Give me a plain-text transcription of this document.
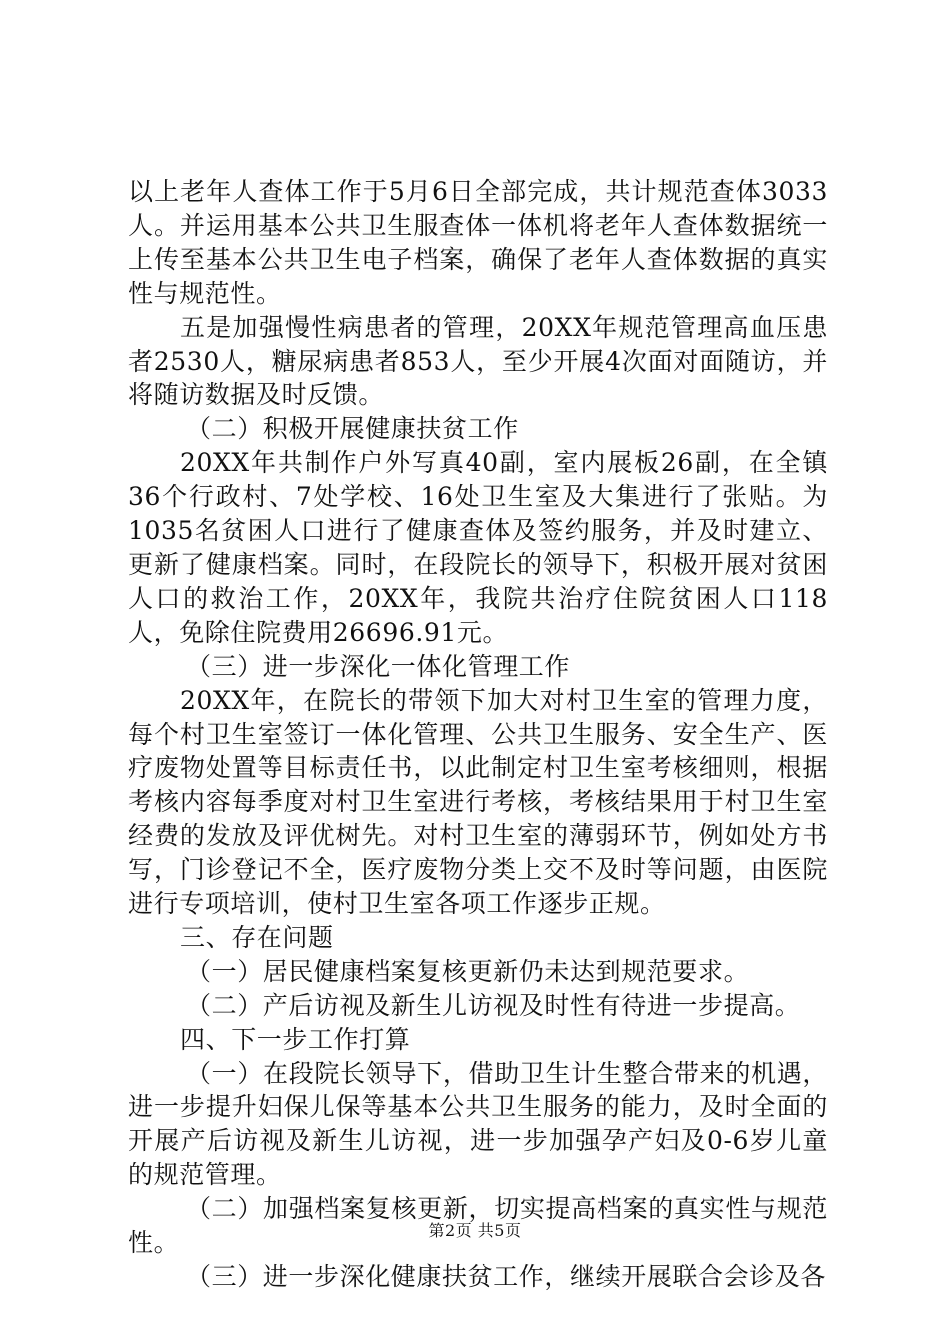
以上老年人查体工作于5月6日全部完成，共计规范查体3033人。并运用基本公共卫生服查体一体机将老年人查体数据统一上传至基本公共卫生电子档案，确保了老年人查体数据的真实性与规范性。

五是加强慢性病患者的管理，20XX年规范管理高血压患者2530人，糖尿病患者853人，至少开展4次面对面随访，并将随访数据及时反馈。

（二）积极开展健康扶贫工作

20XX年共制作户外写真40副，室内展板26副，在全镇36个行政村、7处学校、16处卫生室及大集进行了张贴。为1035名贫困人口进行了健康查体及签约服务，并及时建立、更新了健康档案。同时，在段院长的领导下，积极开展对贫困人口的救治工作，20XX年，我院共治疗住院贫困人口118人，免除住院费用26696.91元。

（三）进一步深化一体化管理工作

20XX年，在院长的带领下加大对村卫生室的管理力度，每个村卫生室签订一体化管理、公共卫生服务、安全生产、医疗废物处置等目标责任书，以此制定村卫生室考核细则，根据考核内容每季度对村卫生室进行考核，考核结果用于村卫生室经费的发放及评优树先。对村卫生室的薄弱环节，例如处方书写，门诊登记不全，医疗废物分类上交不及时等问题，由医院进行专项培训，使村卫生室各项工作逐步正规。

三、存在问题

（一）居民健康档案复核更新仍未达到规范要求。

（二）产后访视及新生儿访视及时性有待进一步提高。

四、下一步工作打算

（一）在段院长领导下，借助卫生计生整合带来的机遇，进一步提升妇保儿保等基本公共卫生服务的能力，及时全面的开展产后访视及新生儿访视，进一步加强孕产妇及0-6岁儿童的规范管理。

（二）加强档案复核更新，切实提高档案的真实性与规范性。

（三）进一步深化健康扶贫工作，继续开展联合会诊及各

第2页 共5页
